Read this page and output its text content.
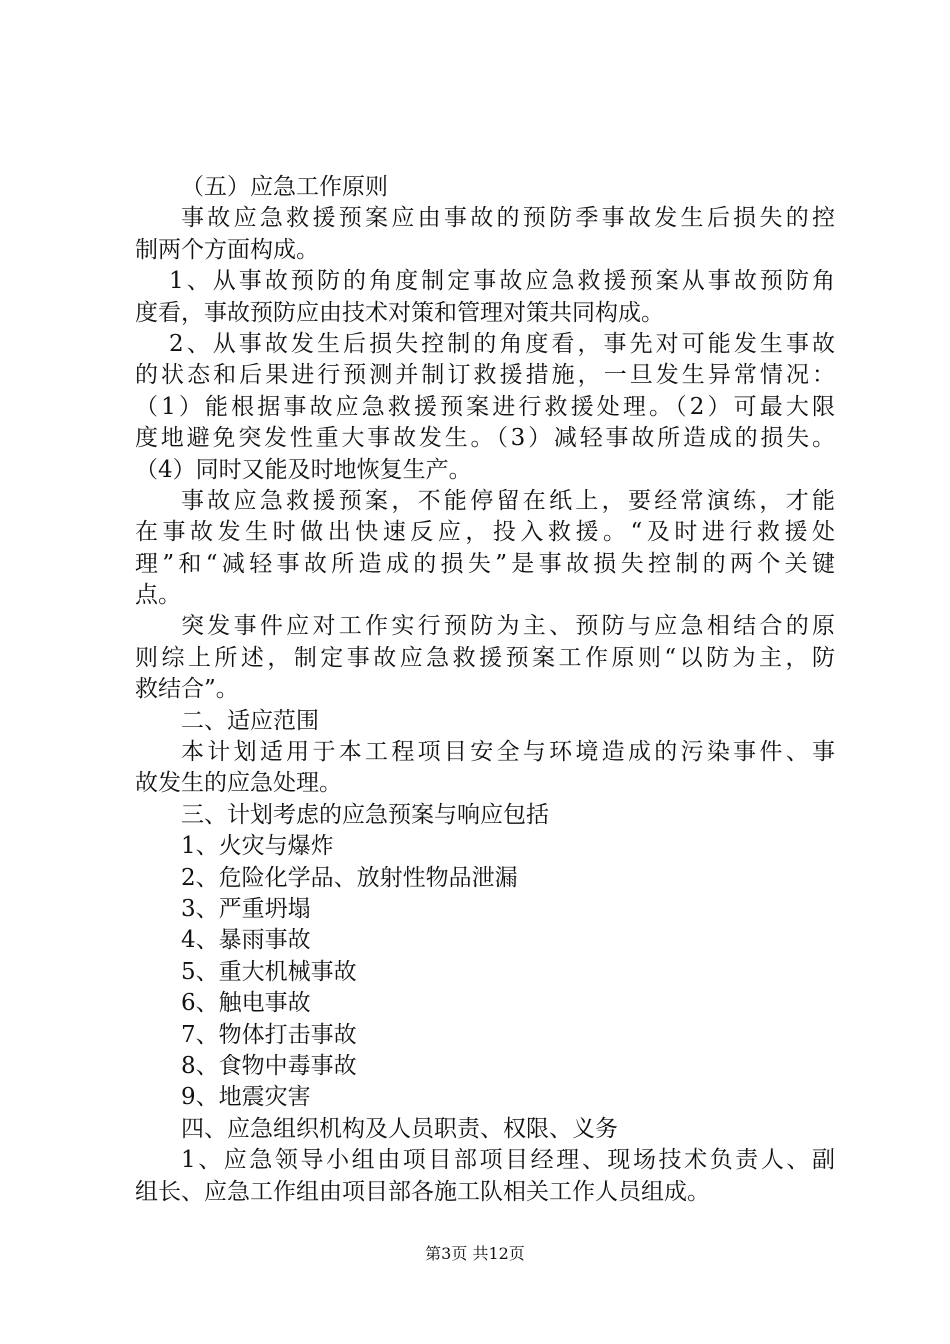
（五）应急工作原则
事故应急救援预案应由事故的预防季事故发生后损失的控
制两个方面构成。
1、从事故预防的角度制定事故应急救援预案从事故预防角
度看，事故预防应由技术对策和管理对策共同构成。
2、从事故发生后损失控制的角度看，事先对可能发生事故
的状态和后果进行预测并制订救援措施，一旦发生异常情况：
（1）能根据事故应急救援预案进行救援处理。（2）可最大限
度地避免突发性重大事故发生。（3）减轻事故所造成的损失。
（4）同时又能及时地恢复生产。
事故应急救援预案，不能停留在纸上，要经常演练，才能
在事故发生时做出快速反应，投入救援。“及时进行救援处
理”和“减轻事故所造成的损失”是事故损失控制的两个关键
点。
突发事件应对工作实行预防为主、预防与应急相结合的原
则综上所述，制定事故应急救援预案工作原则“以防为主，防
救结合”。
二、适应范围
本计划适用于本工程项目安全与环境造成的污染事件、事
故发生的应急处理。
三、计划考虑的应急预案与响应包括
1、火灾与爆炸
2、危险化学品、放射性物品泄漏
3、严重坍塌
4、暴雨事故
5、重大机械事故
6、触电事故
7、物体打击事故
8、食物中毒事故
9、地震灾害
四、应急组织机构及人员职责、权限、义务
1、应急领导小组由项目部项目经理、现场技术负责人、副
组长、应急工作组由项目部各施工队相关工作人员组成。
第3页 共12页
